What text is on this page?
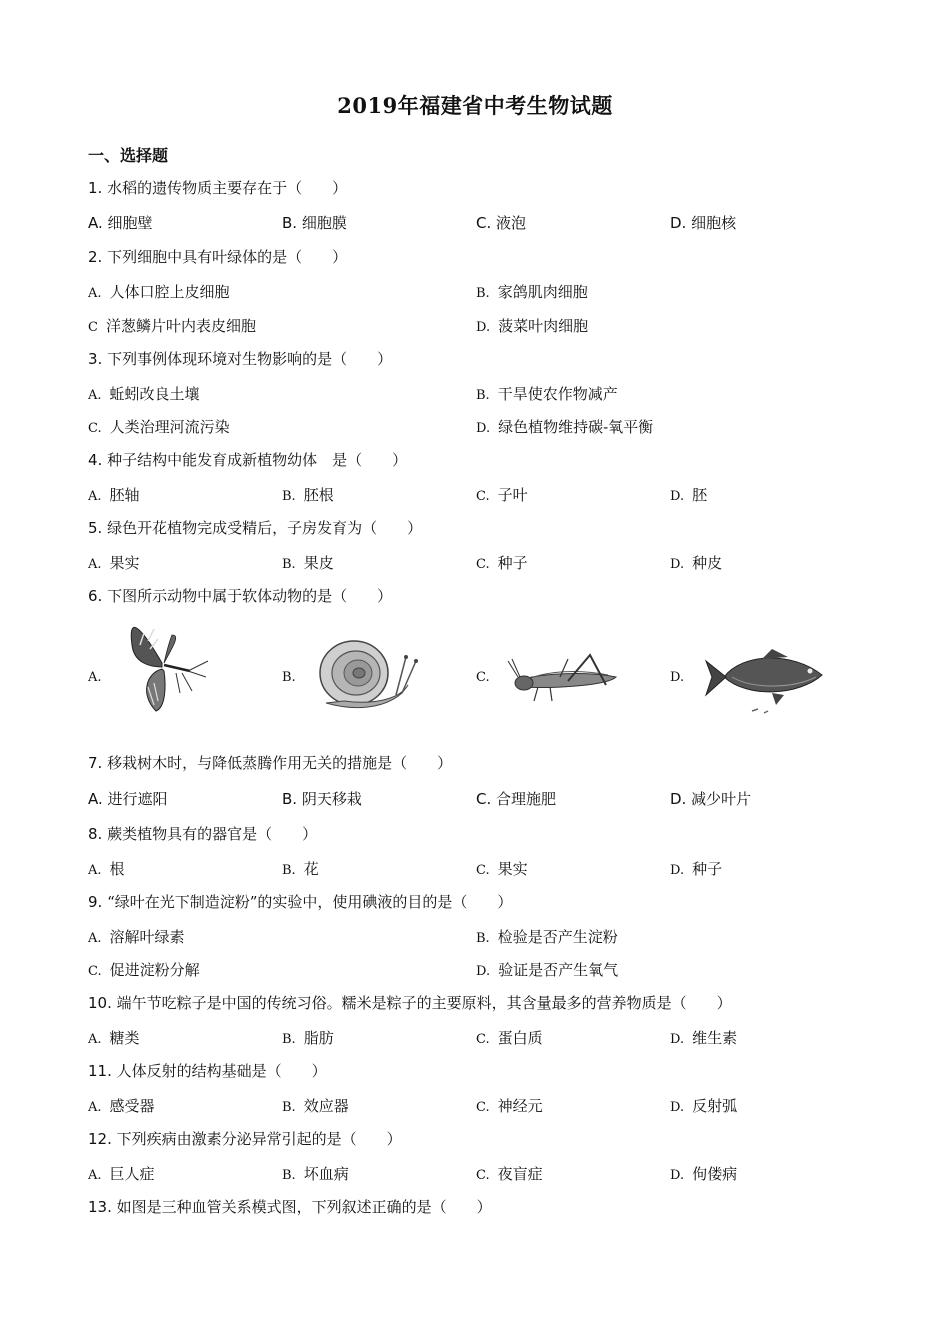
2019年福建省中考生物试题
一、选择题
1. 水稻的遗传物质主要存在于（　　）
A. 细胞壁	B. 细胞膜	C. 液泡	D. 细胞核
2. 下列细胞中具有叶绿体的是（　　）
A. 人体口腔上皮细胞	B. 家鸽肌肉细胞
C 洋葱鳞片叶内表皮细胞	D. 菠菜叶肉细胞
3. 下列事例体现环境对生物影响的是（　　）
A. 蚯蚓改良土壤	B. 干旱使农作物减产
C. 人类治理河流污染	D. 绿色植物维持碳-氧平衡
4. 种子结构中能发育成新植物幼体　是（　　）
A. 胚轴	B. 胚根	C. 子叶	D. 胚
5. 绿色开花植物完成受精后，子房发育为（　　）
A. 果实	B. 果皮	C. 种子	D. 种皮
6. 下图所示动物中属于软体动物的是（　　）
A.	B.	C.	D.
7. 移栽树木时，与降低蒸腾作用无关的措施是（　　）
A. 进行遮阳	B. 阴天移栽	C. 合理施肥	D. 减少叶片
8. 蕨类植物具有的器官是（　　）
A. 根	B. 花	C. 果实	D. 种子
9. “绿叶在光下制造淀粉”的实验中，使用碘液的目的是（　　）
A. 溶解叶绿素	B. 检验是否产生淀粉
C. 促进淀粉分解	D. 验证是否产生氧气
10. 端午节吃粽子是中国的传统习俗。糯米是粽子的主要原料，其含量最多的营养物质是（　　）
A. 糖类	B. 脂肪	C. 蛋白质	D. 维生素
11. 人体反射的结构基础是（　　）
A. 感受器	B. 效应器	C. 神经元	D. 反射弧
12. 下列疾病由激素分泌异常引起的是（　　）
A. 巨人症	B. 坏血病	C. 夜盲症	D. 佝偻病
13. 如图是三种血管关系模式图，下列叙述正确的是（　　）
